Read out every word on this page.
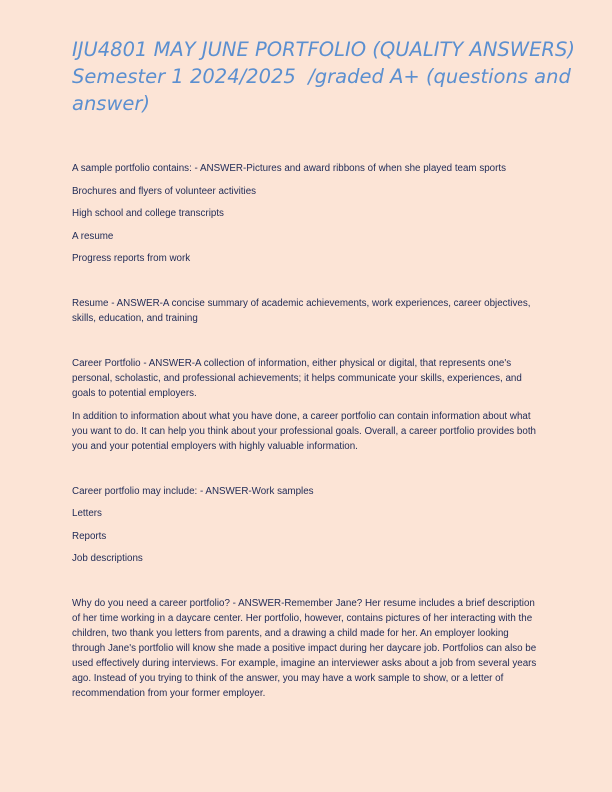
IJU4801 MAY JUNE PORTFOLIO (QUALITY ANSWERS)
Semester 1 2024/2025  /graded A+ (questions and
answer)

A sample portfolio contains: - ANSWER-Pictures and award ribbons of when she played team sports

Brochures and flyers of volunteer activities

High school and college transcripts

A resume

Progress reports from work

Resume - ANSWER-A concise summary of academic achievements, work experiences, career objectives, skills, education, and training

Career Portfolio - ANSWER-A collection of information, either physical or digital, that represents one's personal, scholastic, and professional achievements; it helps communicate your skills, experiences, and goals to potential employers.

In addition to information about what you have done, a career portfolio can contain information about what you want to do. It can help you think about your professional goals. Overall, a career portfolio provides both you and your potential employers with highly valuable information.

Career portfolio may include: - ANSWER-Work samples

Letters

Reports

Job descriptions

Why do you need a career portfolio? - ANSWER-Remember Jane? Her resume includes a brief description of her time working in a daycare center. Her portfolio, however, contains pictures of her interacting with the children, two thank you letters from parents, and a drawing a child made for her. An employer looking through Jane's portfolio will know she made a positive impact during her daycare job. Portfolios can also be used effectively during interviews. For example, imagine an interviewer asks about a job from several years ago. Instead of you trying to think of the answer, you may have a work sample to show, or a letter of recommendation from your former employer.
